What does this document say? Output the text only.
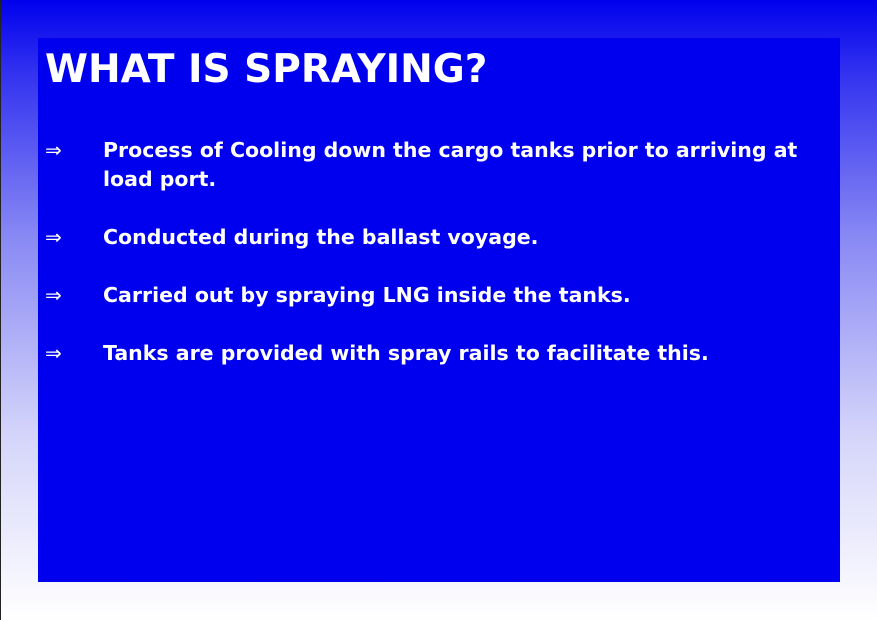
WHAT IS SPRAYING?
⇒ Process of Cooling down the cargo tanks prior to arriving at load port.
⇒ Conducted during the ballast voyage.
⇒ Carried out by spraying LNG inside the tanks.
⇒ Tanks are provided with spray rails to facilitate this.
